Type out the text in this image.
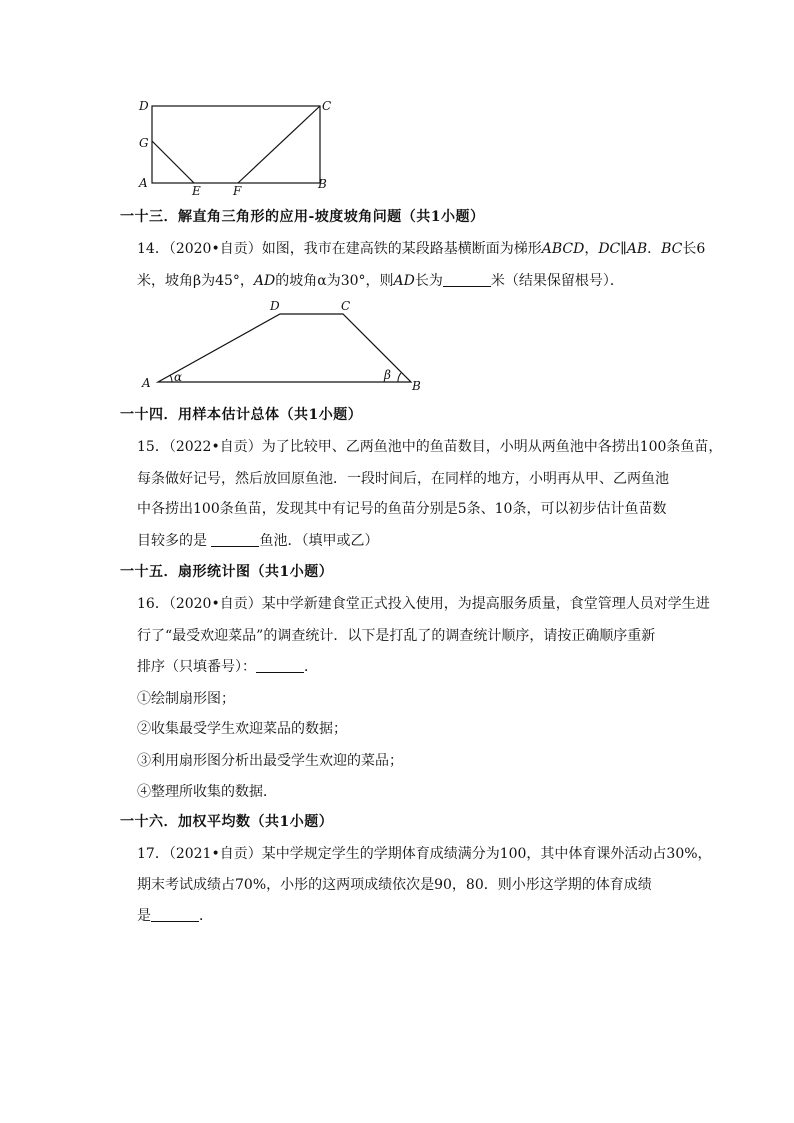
D	C
G
A
E	F	B
一十三．解直角三角形的应用-坡度坡角问题（共1小题）
14．（2020•自贡）如图，我市在建高铁的某段路基横断面为梯形ABCD，DC∥AB．BC长6
米，坡角β为45°，AD的坡角α为30°，则AD长为	米（结果保留根号）．
D	C
A	B
α	β
一十四．用样本估计总体（共1小题）
15．（2022•自贡）为了比较甲、乙两鱼池中的鱼苗数目，小明从两鱼池中各捞出100条鱼苗，
每条做好记号，然后放回原鱼池．一段时间后，在同样的地方，小明再从甲、乙两鱼池
中各捞出100条鱼苗，发现其中有记号的鱼苗分别是5条、10条，可以初步估计鱼苗数
目较多的是	鱼池．（填甲或乙）
一十五．扇形统计图（共1小题）
16．（2020•自贡）某中学新建食堂正式投入使用，为提高服务质量，食堂管理人员对学生进
行了“最受欢迎菜品”的调查统计．以下是打乱了的调查统计顺序，请按正确顺序重新
排序（只填番号）：	．
①绘制扇形图；
②收集最受学生欢迎菜品的数据；
③利用扇形图分析出最受学生欢迎的菜品；
④整理所收集的数据．
一十六．加权平均数（共1小题）
17．（2021•自贡）某中学规定学生的学期体育成绩满分为100，其中体育课外活动占30%，
期末考试成绩占70%，小彤的这两项成绩依次是90，80．则小彤这学期的体育成绩
是	．
